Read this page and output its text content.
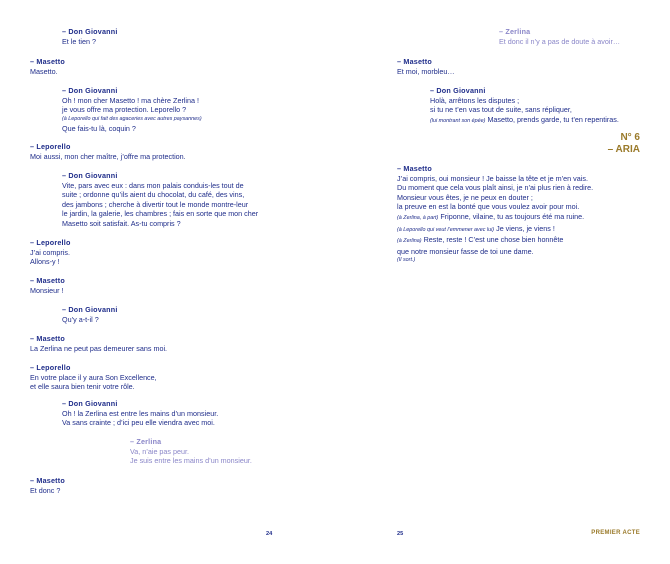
– Don Giovanni
Et le tien ?
– Masetto
Masetto.
– Don Giovanni
Oh ! mon cher Masetto ! ma chère Zerlina !
je vous offre ma protection. Leporello ?
(à Leporello qui fait des agaceries avec autres paysannes)
Que fais-tu là, coquin ?
– Leporello
Moi aussi, mon cher maître, j’offre ma protection.
– Don Giovanni
Vite, pars avec eux : dans mon palais conduis-les tout de
suite ; ordonne qu’ils aient du chocolat, du café, des vins,
des jambons ; cherche à divertir tout le monde montre-leur
le jardin, la galerie, les chambres ; fais en sorte que mon cher
Masetto soit satisfait. As-tu compris ?
– Leporello
J’ai compris.
Allons-y !
– Masetto
Monsieur !
– Don Giovanni
Qu’y a-t-il ?
– Masetto
La Zerlina ne peut pas demeurer sans moi.
– Leporello
En votre place il y aura Son Excellence,
et elle saura bien tenir votre rôle.
– Don Giovanni
Oh ! la Zerlina est entre les mains d’un monsieur.
Va sans crainte ; d’ici peu elle viendra avec moi.
– Zerlina
Va, n’aie pas peur.
Je suis entre les mains d’un monsieur.
– Masetto
Et donc ?
24
– Zerlina
Et donc il n’y a pas de doute à avoir…
– Masetto
Et moi, morbleu…
– Don Giovanni
Holà, arrêtons les disputes ;
si tu ne t’en vas tout de suite, sans répliquer,
(lui montrant son épée) Masetto, prends garde, tu t’en repentiras.
N° 6
– ARIA
– Masetto
J’ai compris, oui monsieur ! Je baisse la tête et je m’en vais.
Du moment que cela vous plaît ainsi, je n’ai plus rien à redire.
Monsieur vous êtes, je ne peux en douter ;
la preuve en est la bonté que vous voulez avoir pour moi.
(à Zerlina, à part) Friponne, vilaine, tu as toujours été ma ruine.
(à Leporello qui veut l’emmener avec lui) Je viens, je viens !
(à Zerlina) Reste, reste ! C’est une chose bien honnête
que notre monsieur fasse de toi une dame.
(Il sort.)
25	PREMIER ACTE
